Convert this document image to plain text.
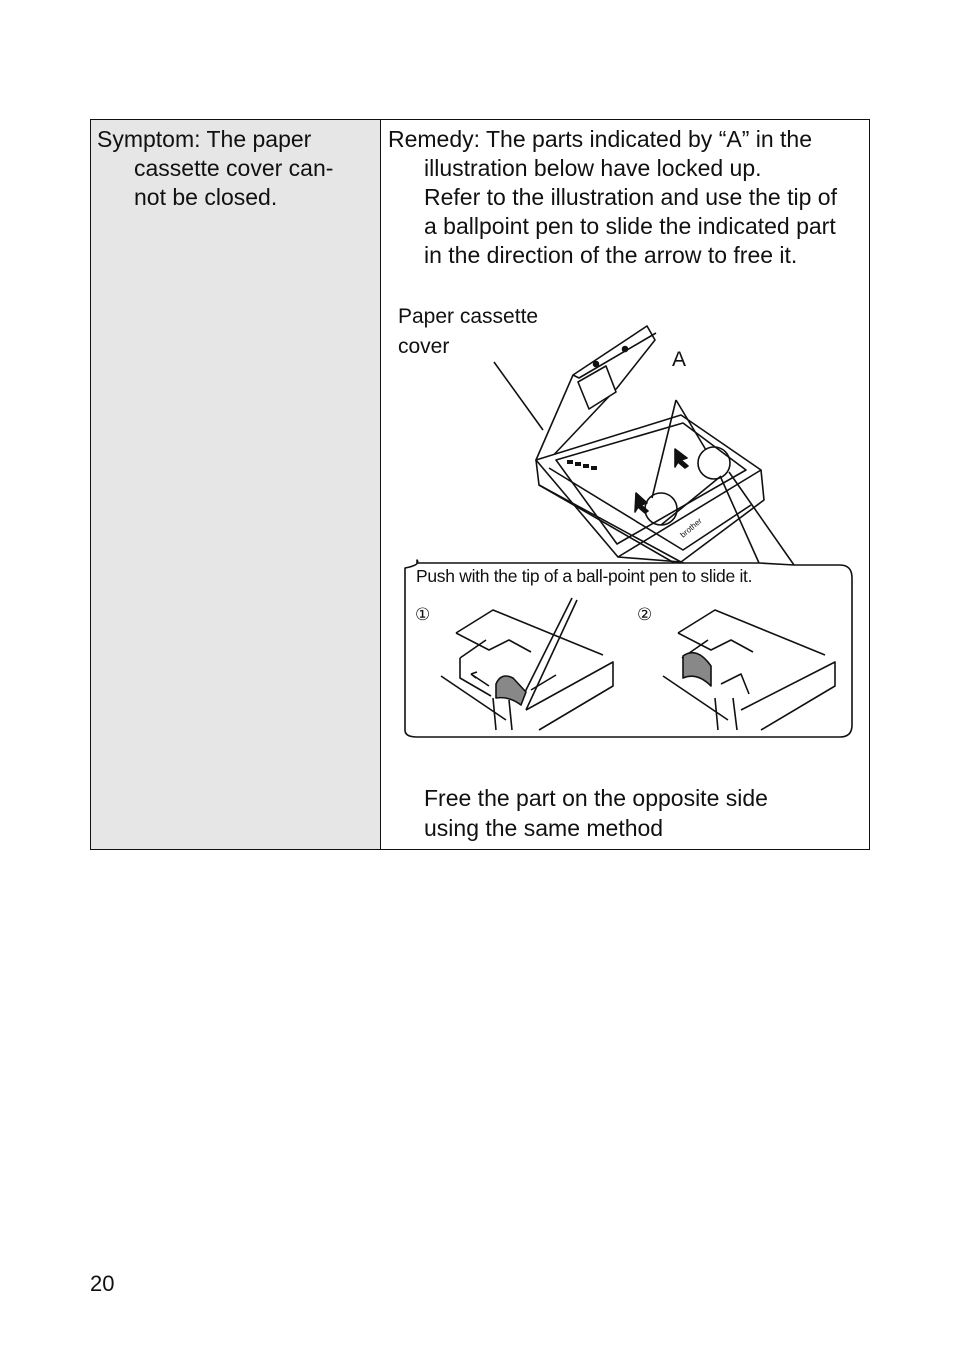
Symptom: The paper
cassette cover can-
not be closed.
Remedy: The parts indicated by “A” in the
illustration below have locked up.
Refer to the illustration and use the tip of
a ballpoint pen to slide the indicated part
in the direction of the arrow to free it.
brother
Paper cassette
cover
A
Push with the tip of a ball-point pen to slide it.
①	②
Free the part on the opposite side
using the same method
20
